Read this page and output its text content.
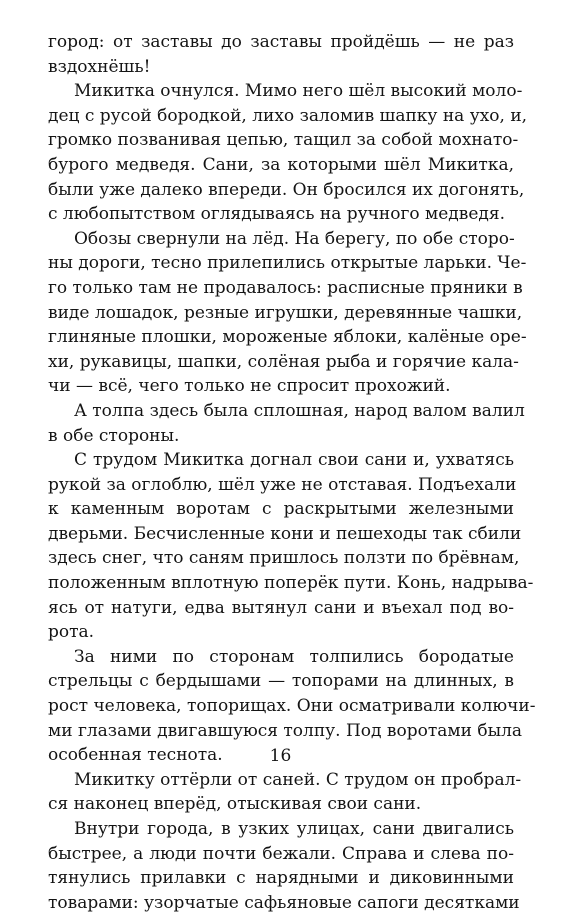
город: от заставы до заставы пройдёшь — не раз
вздохнёшь!
Микитка очнулся. Мимо него шёл высокий моло-
дец с русой бородкой, лихо заломив шапку на ухо, и,
громко позванивая цепью, тащил за собой мохнато-
бурого медведя. Сани, за которыми шёл Микитка,
были уже далеко впереди. Он бросился их догонять,
с любопытством оглядываясь на ручного медведя.
Обозы свернули на лёд. На берегу, по обе сторо-
ны дороги, тесно прилепились открытые ларьки. Че-
го только там не продавалось: расписные пряники в
виде лошадок, резные игрушки, деревянные чашки,
глиняные плошки, мороженые яблоки, калёные оре-
хи, рукавицы, шапки, солёная рыба и горячие кала-
чи — всё, чего только не спросит прохожий.
А толпа здесь была сплошная, народ валом валил
в обе стороны.
С трудом Микитка догнал свои сани и, ухватясь
рукой за оглоблю, шёл уже не отставая. Подъехали
к каменным воротам с раскрытыми железными
дверьми. Бесчисленные кони и пешеходы так сбили
здесь снег, что саням пришлось ползти по брёвнам,
положенным вплотную поперёк пути. Конь, надрыва-
ясь от натуги, едва вытянул сани и въехал под во-
рота.
За ними по сторонам толпились бородатые
стрельцы с бердышами — топорами на длинных, в
рост человека, топорищах. Они осматривали колючи-
ми глазами двигавшуюся толпу. Под воротами была
особенная теснота.
Микитку оттёрли от саней. С трудом он пробрал-
ся наконец вперёд, отыскивая свои сани.
Внутри города, в узких улицах, сани двигались
быстрее, а люди почти бежали. Справа и слева по-
тянулись прилавки с нарядными и диковинными
товарами: узорчатые сафьяновые сапоги десятками
16
